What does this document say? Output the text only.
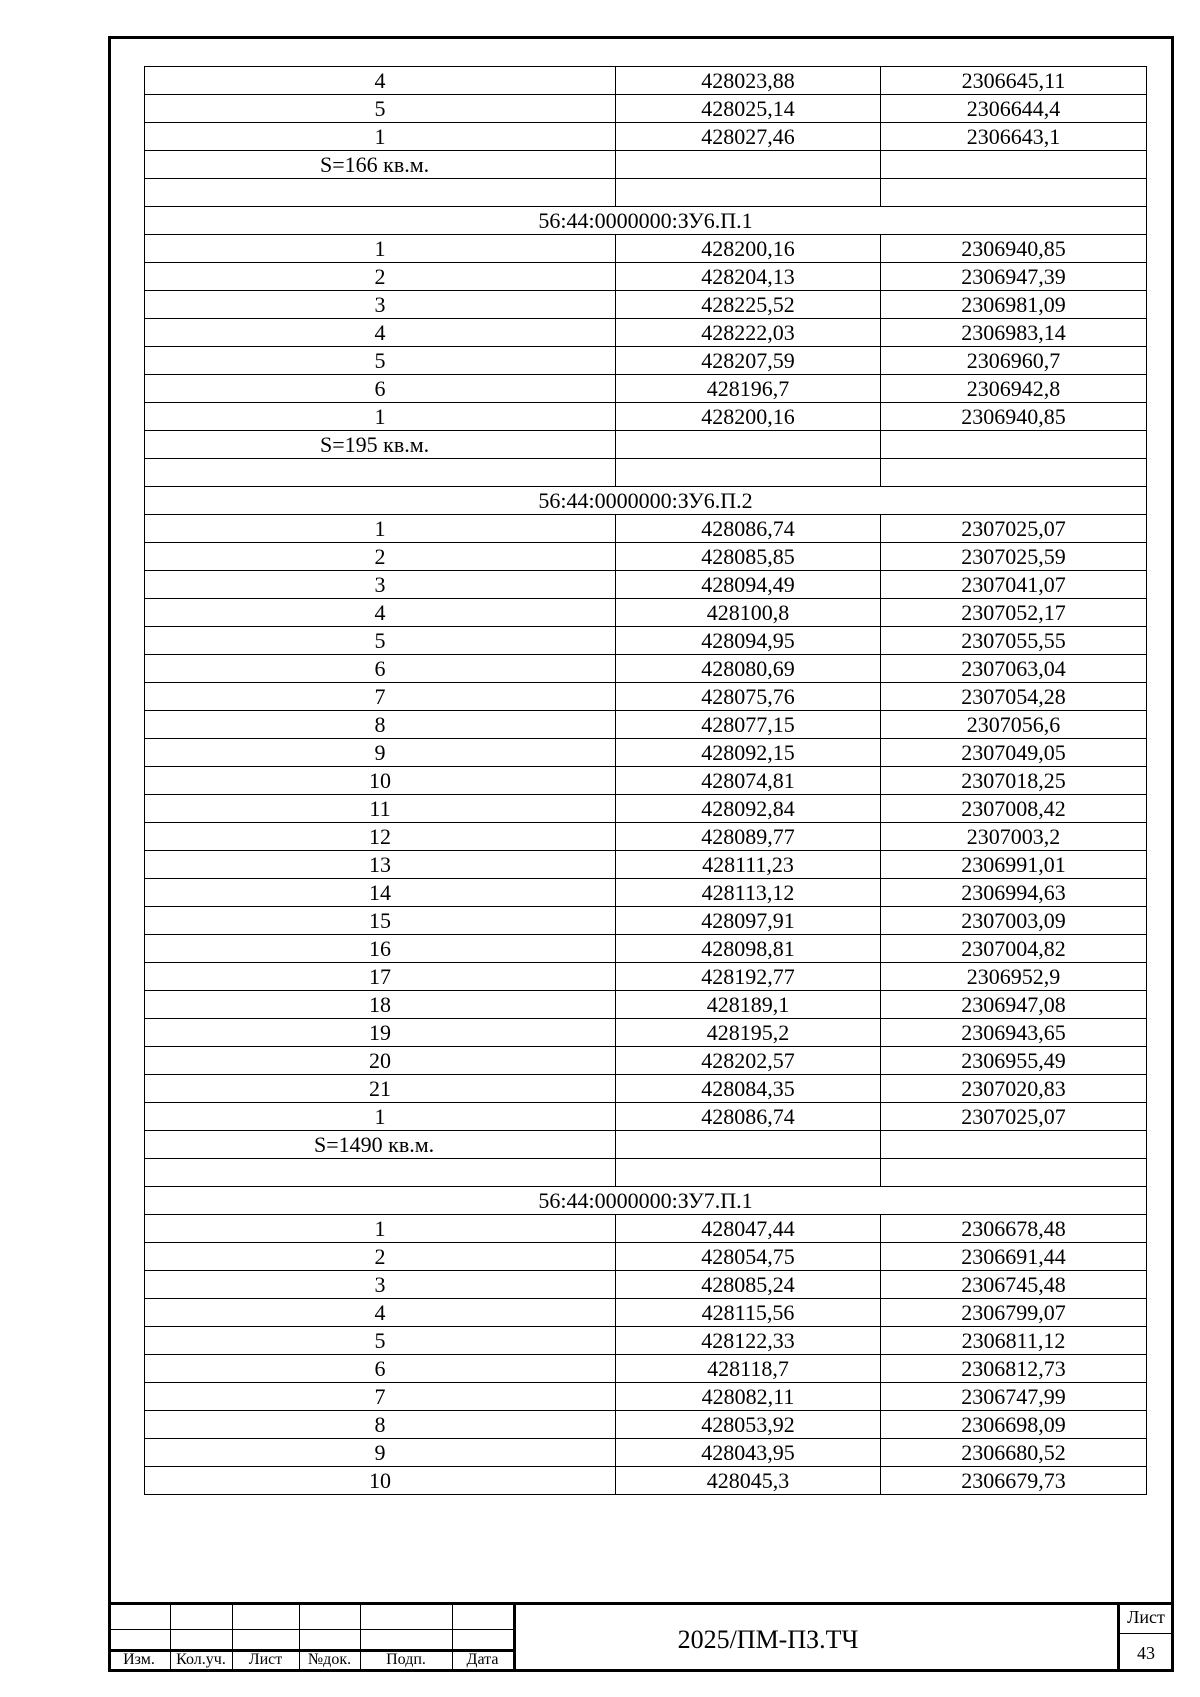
4	428023,88	2306645,11
5	428025,14	2306644,4
1	428027,46	2306643,1
S=166 кв.м.		

56:44:0000000:ЗУ6.П.1		
1	428200,16	2306940,85
2	428204,13	2306947,39
3	428225,52	2306981,09
4	428222,03	2306983,14
5	428207,59	2306960,7
6	428196,7	2306942,8
1	428200,16	2306940,85
S=195 кв.м.		

56:44:0000000:ЗУ6.П.2		
1	428086,74	2307025,07
2	428085,85	2307025,59
3	428094,49	2307041,07
4	428100,8	2307052,17
5	428094,95	2307055,55
6	428080,69	2307063,04
7	428075,76	2307054,28
8	428077,15	2307056,6
9	428092,15	2307049,05
10	428074,81	2307018,25
11	428092,84	2307008,42
12	428089,77	2307003,2
13	428111,23	2306991,01
14	428113,12	2306994,63
15	428097,91	2307003,09
16	428098,81	2307004,82
17	428192,77	2306952,9
18	428189,1	2306947,08
19	428195,2	2306943,65
20	428202,57	2306955,49
21	428084,35	2307020,83
1	428086,74	2307025,07
S=1490 кв.м.		

56:44:0000000:ЗУ7.П.1		
1	428047,44	2306678,48
2	428054,75	2306691,44
3	428085,24	2306745,48
4	428115,56	2306799,07
5	428122,33	2306811,12
6	428118,7	2306812,73
7	428082,11	2306747,99
8	428053,92	2306698,09
9	428043,95	2306680,52
10	428045,3	2306679,73
Изм.	Кол.уч.	Лист	№док.	Подп.	Дата
2025/ПМ-ПЗ.ТЧ
Лист
43
